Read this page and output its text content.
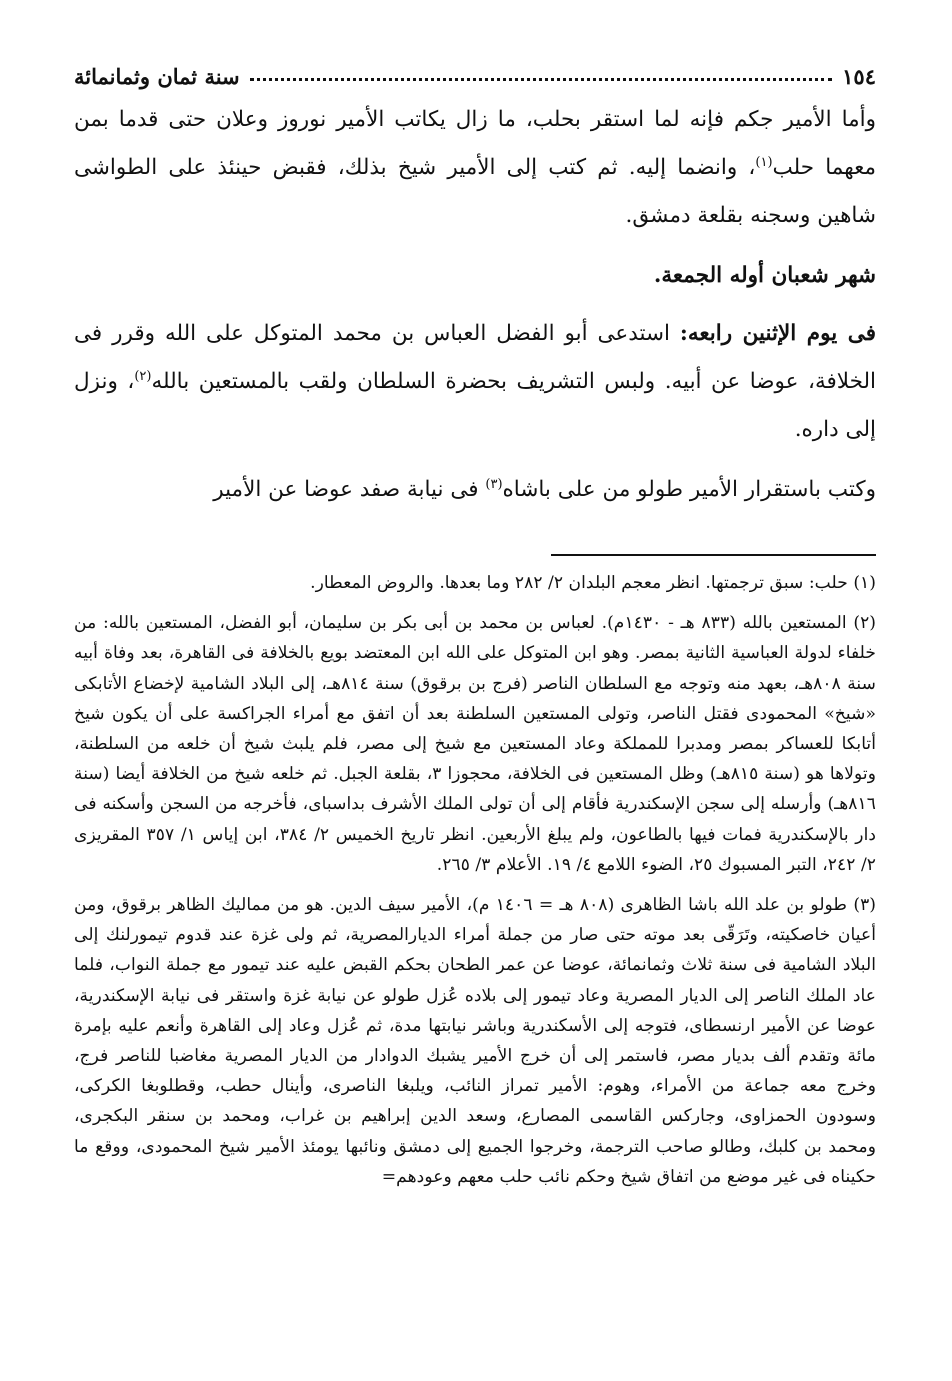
١٥٤
سنة ثمان وثمانمائة

وأما الأمير جكم فإنه لما استقر بحلب، ما زال يكاتب الأمير نوروز وعلان حتى قدما بمن معهما حلب$^{(١)}$، وانضما إليه. ثم كتب إلى الأمير شيخ بذلك، فقبض حينئذ على الطواشى شاهين وسجنه بقلعة دمشق.

شهر شعبان أوله الجمعة.

فى يوم الإثنين رابعه: استدعى أبو الفضل العباس بن محمد المتوكل على الله وقرر فى الخلافة، عوضا عن أبيه. ولبس التشريف بحضرة السلطان ولقب بالمستعين بالله$^{(٢)}$، ونزل إلى داره.

وكتب باستقرار الأمير طولو من على باشاه$^{(٣)}$ فى نيابة صفد عوضا عن الأمير

(١) حلب: سبق ترجمتها. انظر معجم البلدان ٢/ ٢٨٢ وما بعدها. والروض المعطار.

(٢) المستعين بالله (٨٣٣ هـ - ١٤٣٠م). لعباس بن محمد بن أبى بكر بن سليمان، أبو الفضل، المستعين بالله: من خلفاء لدولة العباسية الثانية بمصر. وهو ابن المتوكل على الله ابن المعتضد بويع بالخلافة فى القاهرة، بعد وفاة أبيه سنة ٨٠٨هـ، بعهد منه وتوجه مع السلطان الناصر (فرج بن برقوق) سنة ٨١٤هـ، إلى البلاد الشامية لإخضاع الأتابكى «شيخ» المحمودى فقتل الناصر، وتولى المستعين السلطنة بعد أن اتفق مع أمراء الجراكسة على أن يكون شيخ أتابكا للعساكر بمصر ومدبرا للمملكة وعاد المستعين مع شيخ إلى مصر، فلم يلبث شيخ أن خلعه من السلطنة، وتولاها هو (سنة ٨١٥هـ) وظل المستعين فى الخلافة، محجوزا ٣، بقلعة الجبل. ثم خلعه شيخ من الخلافة أيضا (سنة ٨١٦هـ) وأرسله إلى سجن الإسكندرية فأقام إلى أن تولى الملك الأشرف بداسباى، فأخرجه من السجن وأسكنه فى دار بالإسكندرية فمات فيها بالطاعون، ولم يبلغ الأربعين. انظر تاريخ الخميس ٢/ ٣٨٤، ابن إياس ١/ ٣٥٧ المقريزى ٢/ ٢٤٢، التبر المسبوك ٢٥، الضوء اللامع ٤/ ١٩. الأعلام ٣/ ٢٦٥.

(٣) طولو بن علد الله باشا الظاهرى (٨٠٨ هـ = ١٤٠٦ م)، الأمير سيف الدين. هو من مماليك الظاهر برقوق، ومن أعيان خاصكيته، وتَرَقّى بعد موته حتى صار من جملة أمراء الديارالمصرية، ثم ولى غزة عند قدوم تيمورلنك إلى البلاد الشامية فى سنة ثلاث وثمانمائة، عوضا عن عمر الطحان بحكم القبض عليه عند تيمور مع جملة النواب، فلما عاد الملك الناصر إلى الديار المصرية وعاد تيمور إلى بلاده عُزل طولو عن نيابة غزة واستقر فى نيابة الإسكندرية، عوضا عن الأمير ارنسطاى، فتوجه إلى الأسكندرية وباشر نيابتها مدة، ثم عُزل وعاد إلى القاهرة وأنعم عليه بإمرة مائة وتقدم ألف بديار مصر، فاستمر إلى أن خرج الأمير يشبك الدوادار من الديار المصرية مغاضبا للناصر فرج، وخرج معه جماعة من الأمراء، وهوم: الأمير تمراز النائب، ويلبغا الناصرى، وأينال حطب، وقطلوبغا الكركى، وسودون الحمزاوى، وجاركس القاسمى المصارع، وسعد الدين إبراهيم بن غراب، ومحمد بن سنقر البكجرى، ومحمد بن كلبك، وطالو صاحب الترجمة، وخرجوا الجميع إلى دمشق ونائبها يومئذ الأمير شيخ المحمودى، ووقع ما حكيناه فى غير موضع من اتفاق شيخ وحكم نائب حلب معهم وعودهم=
